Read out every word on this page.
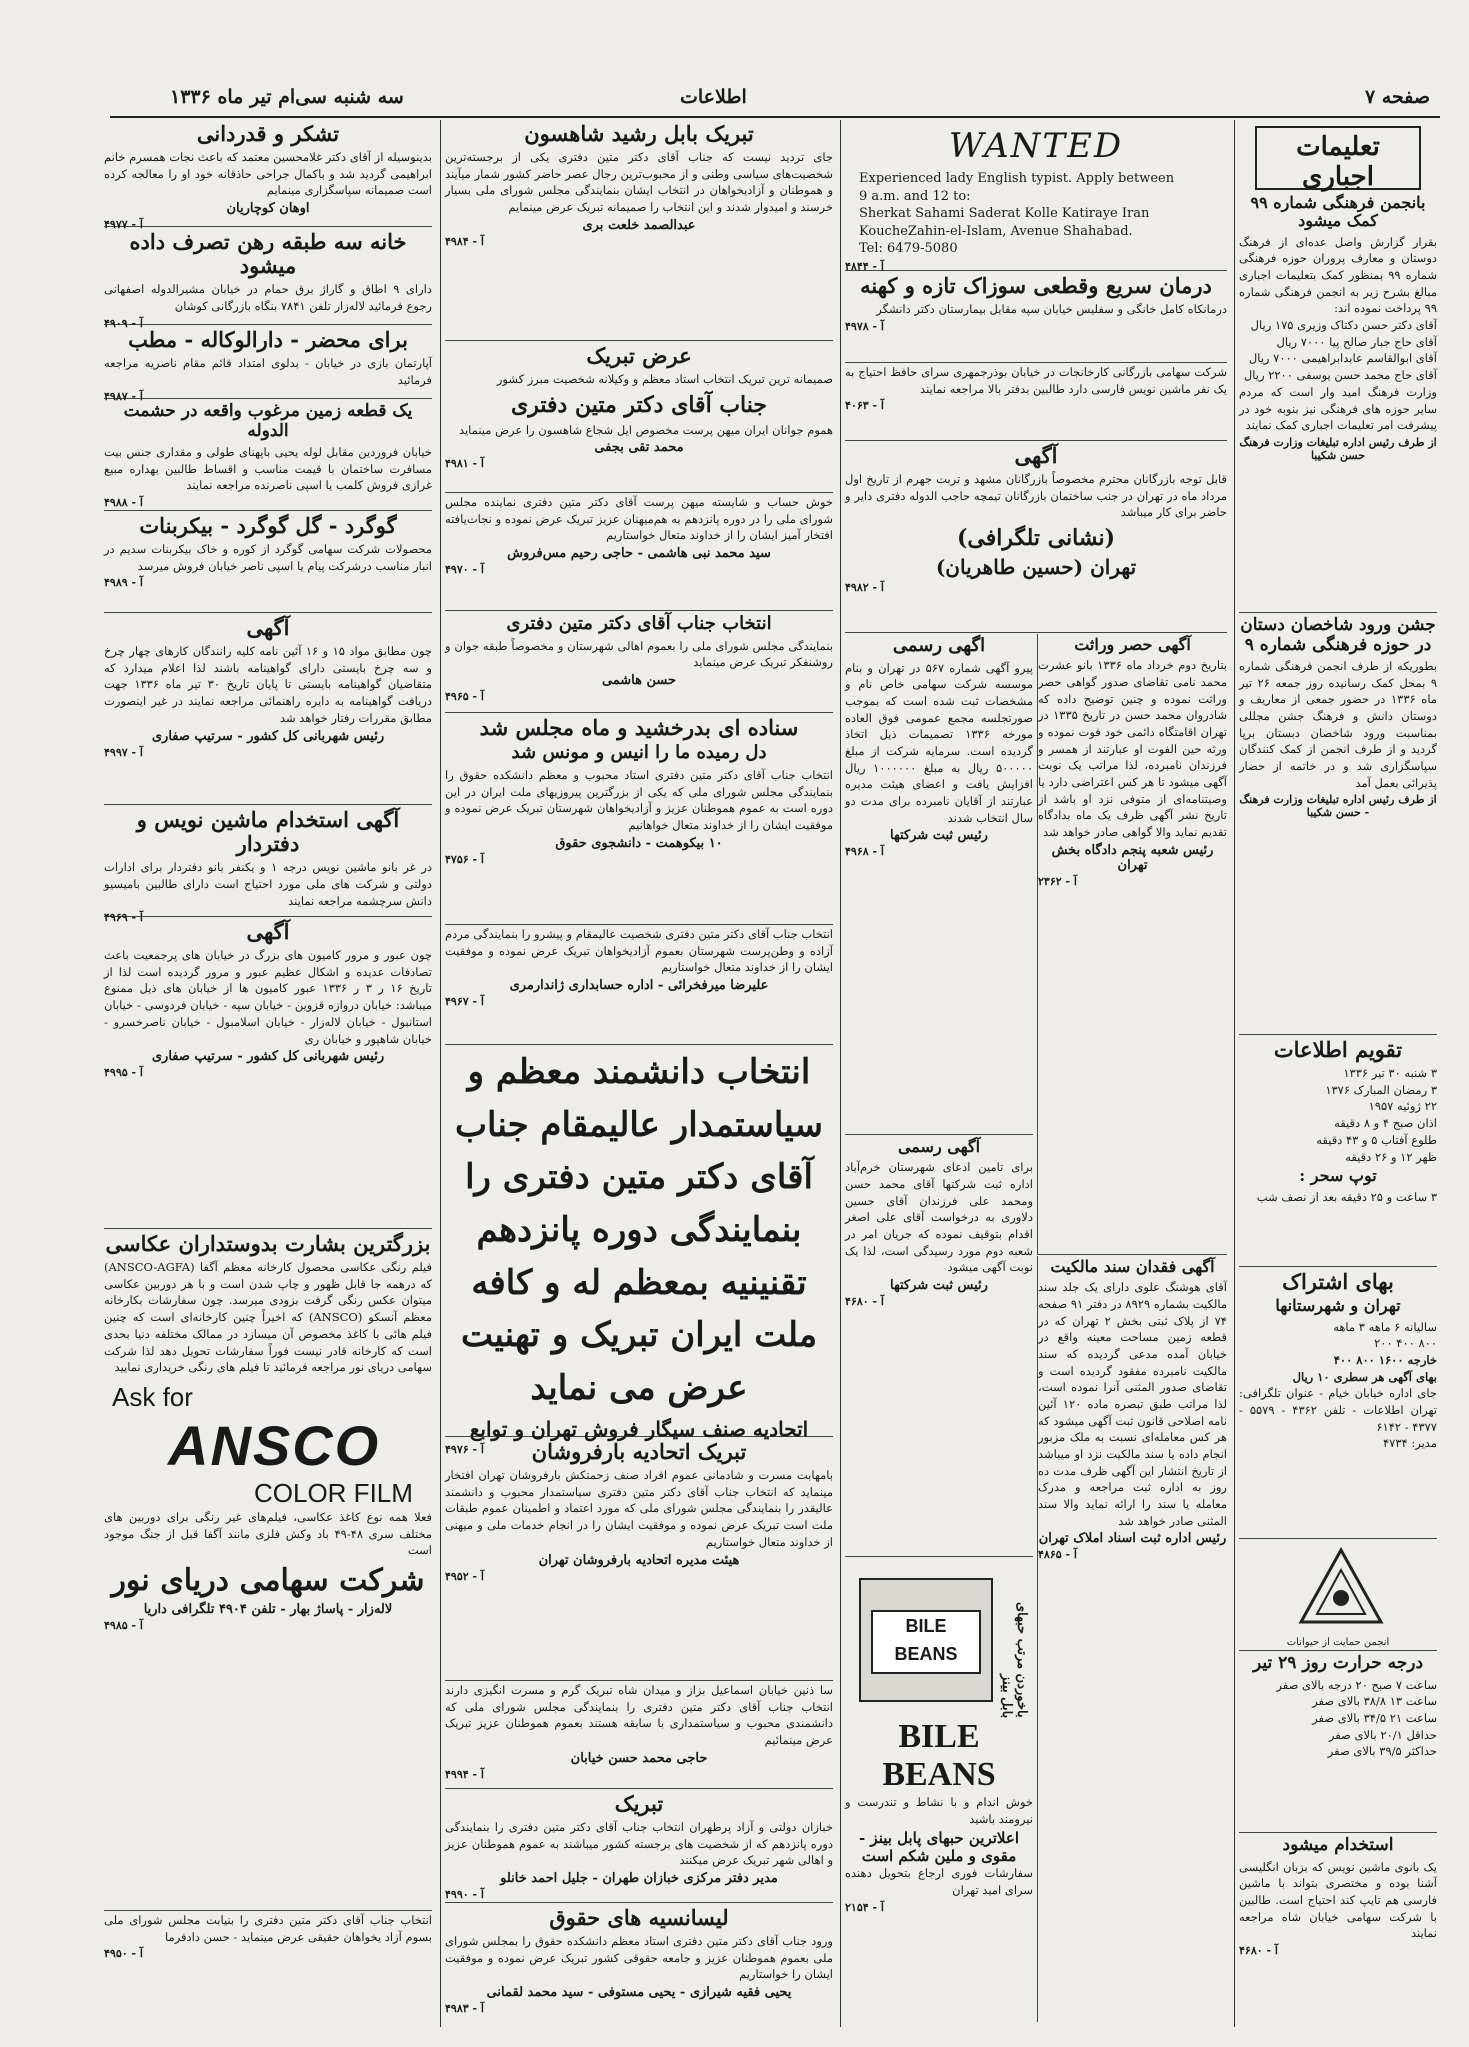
سه شنبه سی‌ام تیر ماه ۱۳۳۶	اطلاعات	صفحه ۷
تشکر و قدردانی

بدینوسیله از آقای دکتر غلامحسین معتمد که باعث نجات همسرم خانم ابراهیمی گردید شد و باکمال جراحی حاذقانه خود او را معالجه کرده است صمیمانه سپاسگزاری مینمایم

اوهان کوچاریان
آ - ۴۹۷۷
خانه سه طبقه رهن تصرف داده میشود

دارای ۹ اطاق و گاراژ برق حمام در خیابان مشیرالدوله اصفهانی رجوع فرمائید لاله‌زار تلفن ۷۸۴۱ بنگاه بازرگانی کوشان

آ - ۴۹۰۹
برای محضر - دارالوکاله - مطب

آپارتمان بازی در خیابان - بدلوی امتداد قائم مقام ناصریه مراجعه فرمائید

آ - ۴۹۸۷
یک قطعه زمین مرغوب واقعه در حشمت الدوله

خیابان فروردین مقابل لوله یحیی باپهنای طولی و مقداری جنس بیت مسافرت ساختمان با قیمت مناسب و اقساط طالبین بهداره مبیع غرازی فروش کلمب یا اسپی ناصرنده مراجعه نمایند

آ - ۴۹۸۸
گوگرد - گل گوگرد - بیکربنات

محصولات شرکت سهامی گوگرد از کوره و خاک بیکربنات سدیم در انبار مناسب درشرکت پیام یا اسپی ناصر خیابان فروش میرسد

آ - ۴۹۸۹
آگهی

چون مطابق مواد ۱۵ و ۱۶ آئین نامه کلیه رانندگان کارهای چهار چرخ و سه چرخ بایستی دارای گواهینامه باشند لذا اعلام میدارد که متقاضیان گواهینامه بایستی تا پایان تاریخ ۳۰ تیر ماه ۱۳۳۶ جهت دریافت گواهینامه به دایره راهنمائی مراجعه نمایند در غیر اینصورت مطابق مقررات رفتار خواهد شد

رئیس شهربانی کل کشور - سرتیپ صفاری
آ - ۴۹۹۷
آگهی استخدام ماشین نویس و دفتردار

در غر بانو ماشین نویس درجه ۱ و یکنفر بانو دفتردار برای ادارات دولتی و شرکت های ملی مورد احتیاج است دارای طالبین بامیسیو دانش سرچشمه مراجعه نمایند

آ - ۴۹۶۹
آگهی

چون عبور و مرور کامیون های بزرگ در خیابان های پرجمعیت باعث تصادفات عدیده و اشکال عظیم عبور و مرور گردیده است لذا از تاریخ ۱۶ ر ۳ ر ۱۳۳۶ عبور کامیون ها از خیابان های ذیل ممنوع میباشد: خیابان دروازه قزوین - خیابان سپه - خیابان فردوسی - خیابان استانبول - خیابان لاله‌زار - خیابان اسلامبول - خیابان ناصرخسرو - خیابان شاهپور و خیابان ری

رئیس شهربانی کل کشور - سرتیپ صفاری
آ - ۴۹۹۵
بزرگترین بشارت بدوستداران عکاسی

فیلم رنگی عکاسی محصول کارخانه معظم آگفا (ANSCO-AGFA) که درهمه جا قابل ظهور و چاپ شدن است و با هر دوربین عکاسی میتوان عکس رنگی گرفت بزودی میرسد. چون سفارشات بکارخانه معظم آنسکو (ANSCO) که اخیراً چنین کارخانه‌ای است که چنین فیلم هائی با کاغذ مخصوص آن میسازد در ممالک مختلفه دنیا بحدی است که کارخانه قادر نیست فوراً سفارشات تحویل دهد لذا شرکت سهامی دریای نور مراجعه فرمائید تا فیلم های رنگی خریداری نمایید

Ask for
ANSCO
COLOR FILM

فعلا همه نوع کاغذ عکاسی، فیلم‌های غیر رنگی برای دوربین های مختلف سری ۴۸-۴۹ باد وکش فلزی مانند آگفا قبل از جنگ موجود است

شرکت سهامی دریای نور
لاله‌زار - پاساژ بهار - تلفن ۴۹۰۴ تلگرافی داریا
آ - ۴۹۸۵

انتخاب جناب آقای دکتر متین دفتری را بنیابت مجلس شورای ملی بسوم آزاد یخواهان حقیقی عرض مینماید - حسن دادفرما

آ - ۴۹۵۰
تبریک بابل رشید شاهسون

جای تردید نیست که جناب آقای دکتر متین دفتری یکی از برجسته‌ترین شخصیت‌های سیاسی وطنی و از محبوب‌ترین رجال عصر حاضر کشور شمار میآیند و هموطنان و آزادیخواهان در انتخاب ایشان بنمایندگی مجلس شورای ملی بسیار خرسند و امیدوار شدند و این انتخاب را صمیمانه تبریک عرض مینمایم

عبدالصمد خلعت بری
آ - ۴۹۸۴
عرض تبریک

صمیمانه ترین تبریک انتخاب استاد معظم و وکیلانه شخصیت مبرز کشور

جناب آقای دکتر متین دفتری

هموم جوانان ایران میهن پرست مخصوص ایل شجاع شاهسون را عرض مینماید

محمد تقی بجفی
آ - ۴۹۸۱

خوش حساب و شایسته میهن پرست آقای دکتر متین دفتری نماینده مجلس شورای ملی را در دوره پانزدهم به هم‌میهنان عزیز تبریک عرض نموده و نجات‌یافته افتخار آمیز ایشان را از خداوند متعال خواستاریم

سید محمد نبی هاشمی - حاجی رحیم مس‌فروش
آ - ۴۹۷۰
انتخاب جناب آقای دکتر متین دفتری

بنمایندگی مجلس شورای ملی را بعموم اهالی شهرستان و مخصوصاً طبقه جوان و روشنفکر تبریک عرض مینماید

حسن هاشمی
آ - ۴۹۶۵
سناده ای بدرخشید و ماه مجلس شد
دل رمیده ما را انیس و مونس شد

انتخاب جناب آقای دکتر متین دفتری استاد محبوب و معظم دانشکده حقوق را بنمایندگی مجلس شورای ملی که یکی از بزرگترین پیروزیهای ملت ایران در این دوره است به عموم هموطنان عزیز و آزادیخواهان شهرستان تبریک عرض نموده و موفقیت ایشان را از خداوند متعال خواهانیم

۱۰ بیکوهمت - دانشجوی حقوق
آ - ۴۷۵۶

انتخاب جناب آقای دکتر متین دفتری شخصیت عالیمقام و پیشرو را بنمایندگی مردم آزاده و وطن‌پرست شهرستان بعموم آزادیخواهان تبریک عرض نموده و موفقیت ایشان را از خداوند متعال خواستاریم

علیرضا میرفخرائی - اداره حسابداری ژاندارمری
آ - ۴۹۶۷
انتخاب دانشمند معظم و سیاستمدار عالیمقام جناب آقای دکتر متین دفتری را بنمایندگی دوره پانزدهم تقنینیه بمعظم له و کافه ملت ایران تبریک و تهنیت عرض می نماید
اتحادیه صنف سیگار فروش تهران و توابع
آ - ۴۹۷۶	تبریک اتحادیه بارفروشان

بامهابت مسرت و شادمانی عموم افراد صنف زحمتکش بارفروشان تهران افتخار مینماید که انتخاب جناب آقای دکتر متین دفتری سیاستمدار محبوب و دانشمند عالیقدر را بنمایندگی مجلس شورای ملی که مورد اعتماد و اطمینان عموم طبقات ملت است تبریک عرض نموده و موفقیت ایشان را در انجام خدمات ملی و میهنی از خداوند متعال خواستاریم

هیئت مدیره اتحادیه بارفروشان تهران
آ - ۴۹۵۲

سا ذنین خیابان اسماعیل بزاز و میدان شاه تبریک گرم و مسرت انگیزی دارند انتخاب جناب آقای دکتر متین دفتری را بنمایندگی مجلس شورای ملی که دانشمندی محبوب و سیاستمداری با سابقه هستند بعموم هموطنان عزیز تبریک عرض مینمائیم

حاجی محمد حسن خیابان
آ - ۴۹۹۴
تبریک

خبازان دولتی و آزاد پرطهران انتخاب جناب آقای دکتر متین دفتری را بنمایندگی دوره پانزدهم که از شخصیت های برجسته کشور میباشند به عموم هموطنان عزیز و اهالی شهر تبریک عرض میکنند

مدیر دفتر مرکزی خبازان طهران - جلیل احمد خانلو
آ - ۴۹۹۰
لیسانسیه های حقوق

ورود جناب آقای دکتر متین دفتری استاد معظم دانشکده حقوق را بمجلس شورای ملی بعموم هموطنان عزیز و جامعه حقوقی کشور تبریک عرض نموده و موفقیت ایشان را خواستاریم

یحیی فقیه شیرازی - یحیی مستوفی - سید محمد لقمانی
آ - ۴۹۸۳
WANTED
Experienced lady English typist. Apply between
9 a.m. and 12 to:
Sherkat Sahami Saderat Kolle Katiraye Iran
KoucheZahin-el-Islam, Avenue Shahabad.
Tel: 6479-5080
آ - ۴۸۴۴
درمان سریع وقطعی سوزاک تازه و کهنه

درمانکاه کامل خانگی و سفلیس خیابان سپه مقابل بیمارستان دکتر دانشگر

آ - ۴۹۷۸

شرکت سهامی بازرگانی کارخانجات در خیابان بوذرجمهری سرای حافظ احتیاج به یک نفر ماشین نویس فارسی دارد طالبین بدفتر بالا مراجعه نمایند

آ - ۴۰۶۳
آگهی

قابل توجه بازرگانان محترم مخصوصاً بازرگانان مشهد و تربت جهرم از تاریخ اول مرداد ماه در تهران در جنب ساختمان بازرگانان تیمچه حاجب الدوله دفتری دایر و حاضر برای کار میباشد

(نشانی تلگرافی)
تهران (حسین طاهریان)
آ - ۴۹۸۲
آگهی حصر وراثت

بتاریخ دوم خرداد ماه ۱۳۳۶ بانو عشرت محمد نامی تقاضای صدور گواهی حصر وراثت نموده و چنین توضیح داده که شادروان محمد حسن در تاریخ ۱۳۳۵ در تهران اقامتگاه دائمی خود فوت نموده و ورثه حین الفوت او عبارتند از همسر و فرزندان نامبرده، لذا مراتب یک نوبت آگهی میشود تا هر کس اعتراضی دارد یا وصیتنامه‌ای از متوفی نزد او باشد از تاریخ نشر آگهی ظرف یک ماه بدادگاه تقدیم نماید والا گواهی صادر خواهد شد

رئیس شعبه پنجم دادگاه بخش تهران
آ - ۲۳۶۲
اگهی رسمی

پیرو آگهی شماره ۵۶۷ در تهران و بنام موسسه شرکت سهامی خاص نام و مشخصات ثبت شده است که بموجب صورتجلسه مجمع عمومی فوق العاده مورخه ۱۳۳۶ تصمیمات ذیل اتخاذ گردیده است. سرمایه شرکت از مبلغ ۵۰۰۰۰۰ ریال به مبلغ ۱۰۰۰۰۰۰ ریال افزایش یافت و اعضای هیئت مدیره عبارتند از آقایان نامبرده برای مدت دو سال انتخاب شدند

رئیس ثبت شرکتها
آ - ۴۹۶۸
آگهی رسمی

برای تامین ادعای شهرستان خرم‌آباد اداره ثبت شرکتها آقای محمد حسن ومحمد علی فرزندان آقای حسین دلاوری به درخواست آقای علی اصغر اقدام بتوقیف نموده که جریان امر در شعبه دوم مورد رسیدگی است، لذا یک نوبت آگهی میشود

رئیس ثبت شرکتها
آ - ۴۶۸۰
BILE BEANS	باخوردن مرتب حبهای بابل بینز
BILE BEANS

خوش اندام و با نشاط و تندرست و نیرومند باشید

اعلاترین حبهای پابل بینز - مقوی و ملین شکم است

سفارشات فوری ارجاع بتحویل دهنده سرای امید تهران

آ - ۲۱۵۴
آگهی فقدان سند مالکیت

آقای هوشنگ علوی دارای یک جلد سند مالکیت بشماره ۸۹۲۹ در دفتر ۹۱ صفحه ۷۴ از پلاک ثبتی بخش ۲ تهران که در قطعه زمین مساحت معینه واقع در خیابان آمده مدعی گردیده که سند مالکیت نامبرده مفقود گردیده است و تقاضای صدور المثنی آنرا نموده است، لذا مراتب طبق تبصره ماده ۱۲۰ آئین نامه اصلاحی قانون ثبت آگهی میشود که هر کس معامله‌ای نسبت به ملک مزبور انجام داده یا سند مالکیت نزد او میباشد از تاریخ انتشار این آگهی ظرف مدت ده روز به اداره ثبت مراجعه و مدرک معامله یا سند را ارائه نماید والا سند المثنی صادر خواهد شد

رئیس اداره ثبت اسناد املاک تهران
آ - ۴۸۶۵
تعلیمات اجباری
بانجمن فرهنگی شماره ۹۹ کمک میشود

بقرار گزارش واصل عده‌ای از فرهنگ دوستان و معارف پروران حوزه فرهنگی شماره ۹۹ بمنظور کمک بتعلیمات اجباری مبالغ بشرح زیر به انجمن فرهنگی شماره ۹۹ پرداخت نموده اند:

آقای دکتر حسن دکتاک وزیری ۱۷۵ ریال

آقای حاج جبار صالح پیا ۷۰۰۰ ریال

آقای ابوالقاسم عابدابراهیمی ۷۰۰۰ ریال

آقای حاج محمد حسن یوسفی ۲۲۰۰ ریال

وزارت فرهنگ امید وار است که مردم سایر حوزه های فرهنگی نیز بنوبه خود در پیشرفت امر تعلیمات اجباری کمک نمایند

از طرف رئیس اداره تبلیغات وزارت فرهنگ حسن شکیبا
جشن ورود شاخصان دستان در حوزه فرهنگی شماره ۹

بطوریکه از طرف انجمن فرهنگی شماره ۹ بمحل کمک رسانیده روز جمعه ۲۶ تیر ماه ۱۳۳۶ در حضور جمعی از معاریف و دوستان دانش و فرهنگ جشن مجللی بمناسبت ورود شاخصان دبستان برپا گردید و از طرف انجمن از کمک کنندگان سپاسگزاری شد و در خاتمه از حضار پذیرائی بعمل آمد

از طرف رئیس اداره تبلیغات وزارت فرهنگ - حسن شکیبا
تقویم اطلاعات

۳ شنبه ۳۰ تیر ۱۳۳۶

۳ رمضان المبارک ۱۳۷۶

۲۲ ژوئیه ۱۹۵۷

اذان صبح ۴ و ۸ دقیقه

طلوع آفتاب ۵ و ۴۳ دقیقه

ظهر ۱۲ و ۲۶ دقیقه

توپ سحر :

۳ ساعت و ۲۵ دقیقه بعد از نصف شب

بهای اشتراک
تهران و شهرستانها

سالیانه ۶ ماهه ۳ ماهه

۸۰۰ ۴۰۰ ۲۰۰

خارجه ۱۶۰۰ ۸۰۰ ۴۰۰

بهای آگهی هر سطری ۱۰ ریال

جای اداره خیابان خیام - عنوان تلگرافی: تهران اطلاعات - تلفن ۴۳۶۲ - ۵۵۷۹ - ۴۳۷۷ - ۶۱۴۲

مدیر: ۴۷۳۴

انجمن حمایت از حیوانات
درجه حرارت روز ۲۹ تیر

ساعت ۷ صبح ۲۰ درجه بالای صفر

ساعت ۱۳ ۳۸/۸ بالای صفر

ساعت ۲۱ ۳۴/۵ بالای صفر

حداقل ۲۰/۱ بالای صفر

حداکثر ۳۹/۵ بالای صفر

استخدام میشود

یک بانوی ماشین نویس که بزبان انگلیسی آشنا بوده و مختصری بتواند با ماشین فارسی هم تایپ کند احتیاج است. طالبین با شرکت سهامی خیابان شاه مراجعه نمایند

آ - ۴۶۸۰
